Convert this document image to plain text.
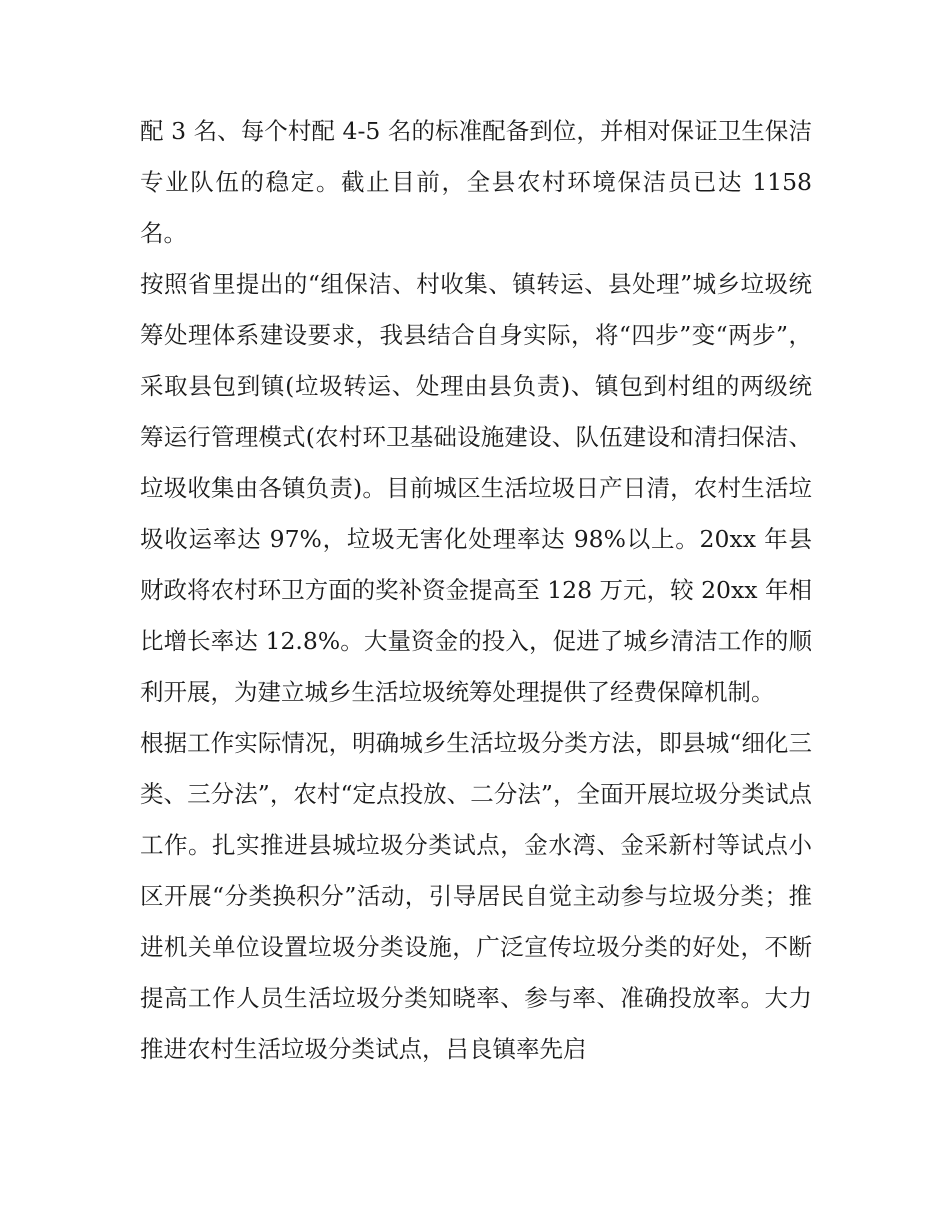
配 3 名、每个村配 4-5 名的标准配备到位，并相对保证卫生保洁专业队伍的稳定。截止目前，全县农村环境保洁员已达 1158 名。

按照省里提出的“组保洁、村收集、镇转运、县处理”城乡垃圾统筹处理体系建设要求，我县结合自身实际，将“四步”变“两步”，采取县包到镇(垃圾转运、处理由县负责)、镇包到村组的两级统筹运行管理模式(农村环卫基础设施建设、队伍建设和清扫保洁、垃圾收集由各镇负责)。目前城区生活垃圾日产日清，农村生活垃圾收运率达 97%，垃圾无害化处理率达 98%以上。20xx 年县财政将农村环卫方面的奖补资金提高至 128 万元，较 20xx 年相比增长率达 12.8%。大量资金的投入，促进了城乡清洁工作的顺利开展，为建立城乡生活垃圾统筹处理提供了经费保障机制。

根据工作实际情况，明确城乡生活垃圾分类方法，即县城“细化三类、三分法”，农村“定点投放、二分法”，全面开展垃圾分类试点工作。扎实推进县城垃圾分类试点，金水湾、金采新村等试点小区开展“分类换积分”活动，引导居民自觉主动参与垃圾分类；推进机关单位设置垃圾分类设施，广泛宣传垃圾分类的好处，不断提高工作人员生活垃圾分类知晓率、参与率、准确投放率。大力推进农村生活垃圾分类试点，吕良镇率先启
